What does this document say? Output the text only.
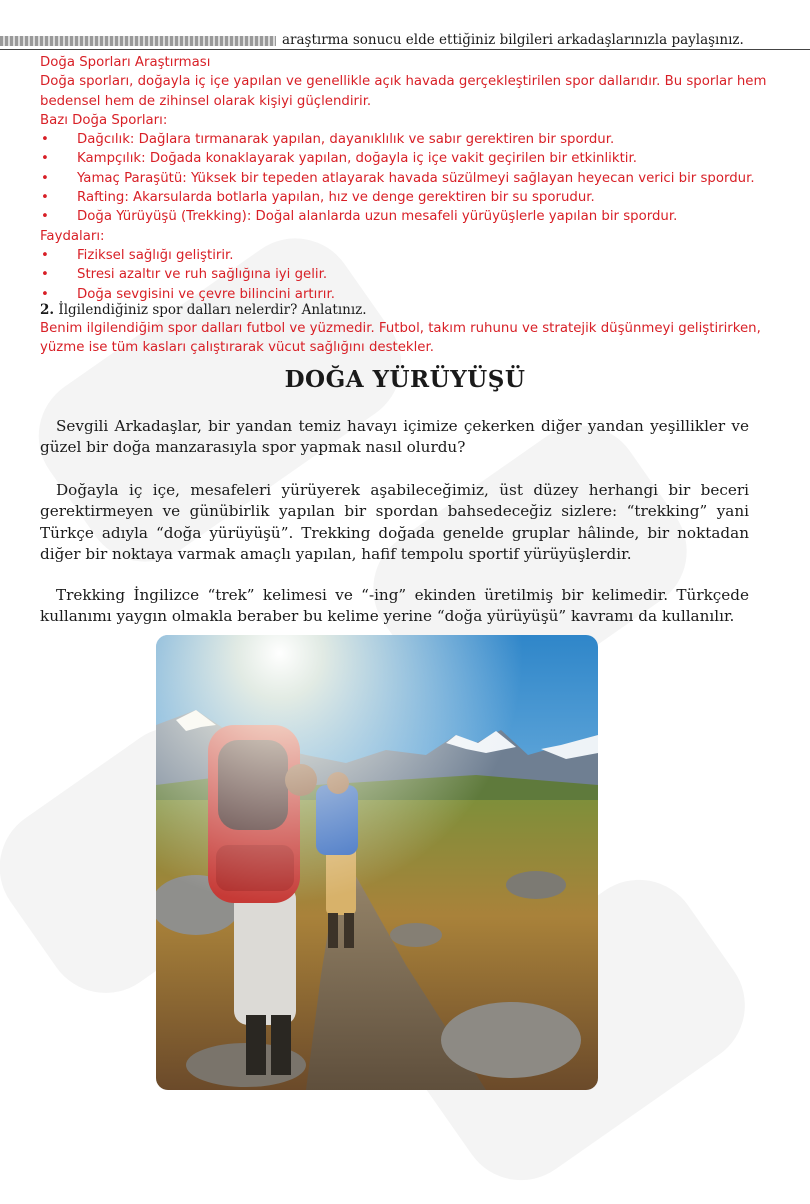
araştırma sonucu elde ettiğiniz bilgileri arkadaşlarınızla paylaşınız.

Doğa Sporları Araştırması

Doğa sporları, doğayla iç içe yapılan ve genellikle açık havada gerçekleştirilen spor dallarıdır. Bu sporlar hem bedensel hem de zihinsel olarak kişiyi güçlendirir.

Bazı Doğa Sporları:

• Dağcılık: Dağlara tırmanarak yapılan, dayanıklılık ve sabır gerektiren bir spordur.
• Kampçılık: Doğada konaklayarak yapılan, doğayla iç içe vakit geçirilen bir etkinliktir.
• Yamaç Paraşütü: Yüksek bir tepeden atlayarak havada süzülmeyi sağlayan heyecan verici bir spordur.
• Rafting: Akarsularda botlarla yapılan, hız ve denge gerektiren bir su sporudur.
• Doğa Yürüyüşü (Trekking): Doğal alanlarda uzun mesafeli yürüyüşlerle yapılan bir spordur.

Faydaları:

• Fiziksel sağlığı geliştirir.
• Stresi azaltır ve ruh sağlığına iyi gelir.
• Doğa sevgisini ve çevre bilincini artırır.
2. İlgilendiğiniz spor dalları nelerdir? Anlatınız.

Benim ilgilendiğim spor dalları futbol ve yüzmedir. Futbol, takım ruhunu ve stratejik düşünmeyi geliştirirken, yüzme ise tüm kasları çalıştırarak vücut sağlığını destekler.

DOĞA YÜRÜYÜŞÜ

Sevgili Arkadaşlar, bir yandan temiz havayı içimize çekerken diğer yandan yeşillikler ve güzel bir doğa manzarasıyla spor yapmak nasıl olurdu?

Doğayla iç içe, mesafeleri yürüyerek aşabileceğimiz, üst düzey herhangi bir beceri gerektirmeyen ve günübirlik yapılan bir spordan bahsedeceğiz sizlere: “trekking” yani Türkçe adıyla “doğa yürüyüşü”. Trekking doğada genelde gruplar hâlinde, bir noktadan diğer bir noktaya varmak amaçlı yapılan, hafif tempolu sportif yürüyüşlerdir.

Trekking İngilizce “trek” kelimesi ve “-ing” ekinden üretilmiş bir kelimedir. Türkçede kullanımı yaygın olmakla beraber bu kelime yerine “doğa yürüyüşü” kavramı da kullanılır.
